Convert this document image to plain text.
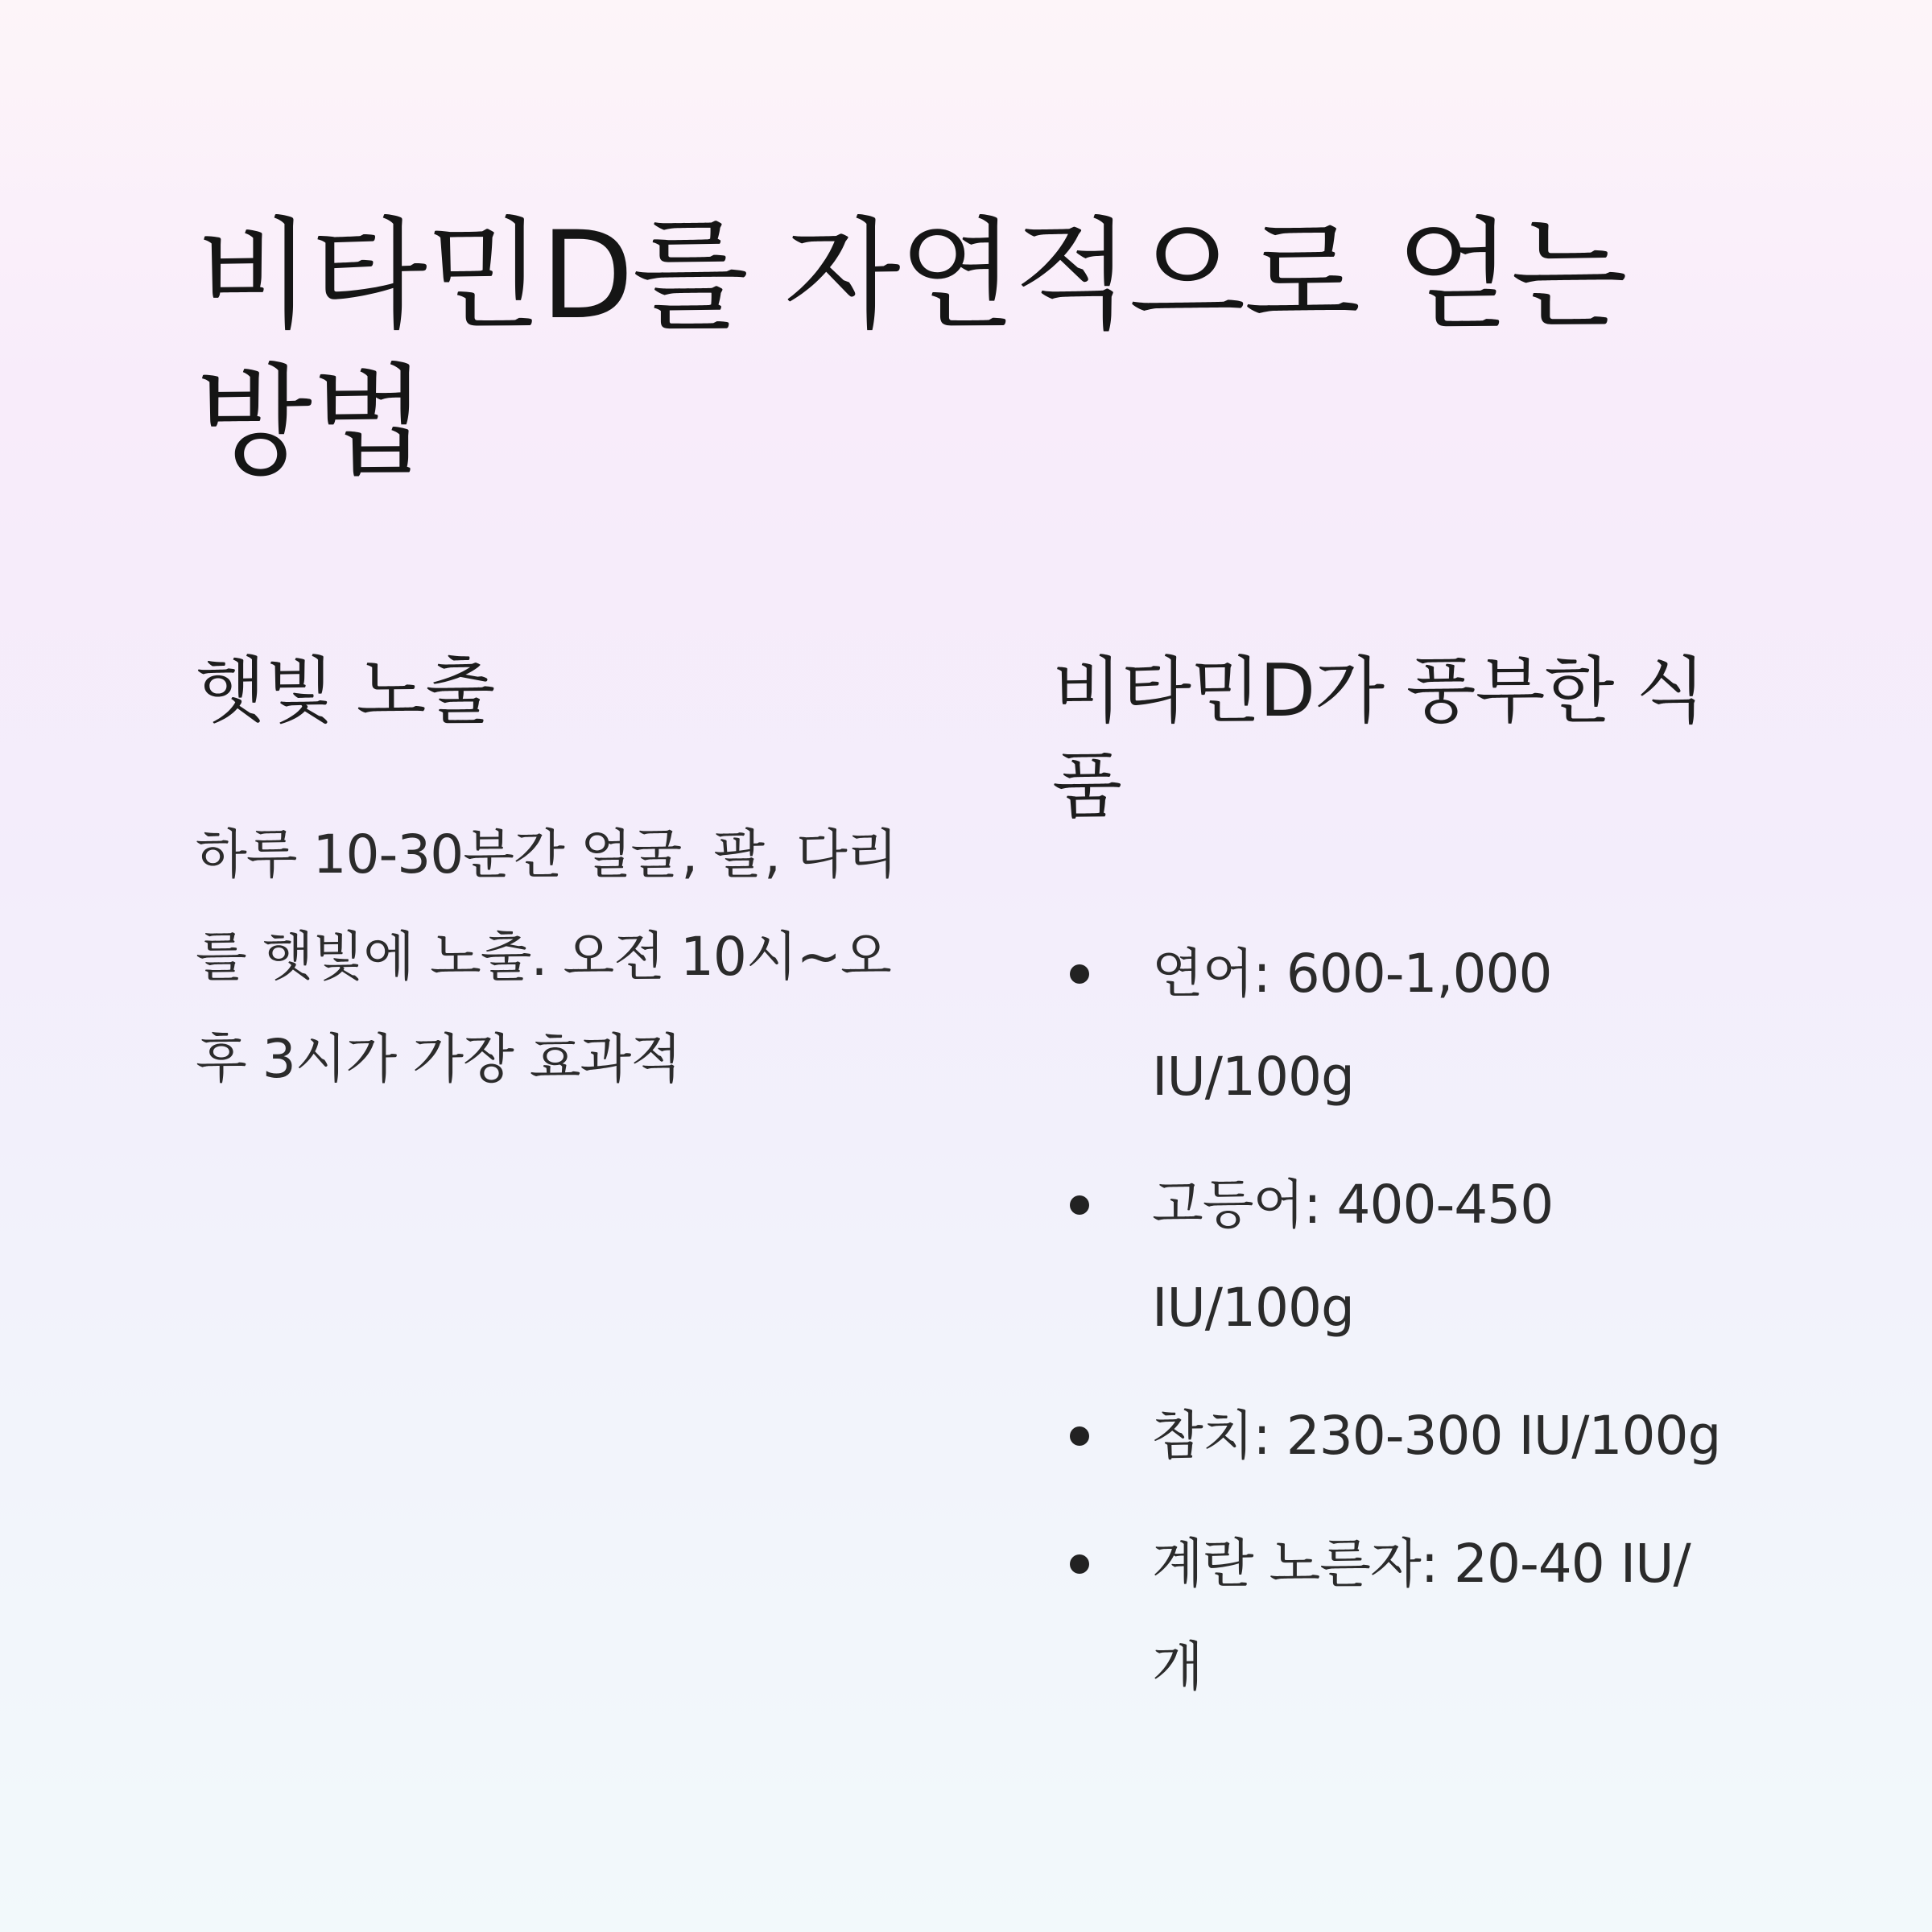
비타민D를 자연적으로 얻는 방법
햇빛 노출

하루 10-30분간 얼굴, 팔, 다리를 햇빛에 노출. 오전 10시~오후 3시가 가장 효과적

비타민D가 풍부한 식품
연어: 600-1,000 IU/100g
고등어: 400-450 IU/100g
참치: 230-300 IU/100g
계란 노른자: 20-40 IU/개
